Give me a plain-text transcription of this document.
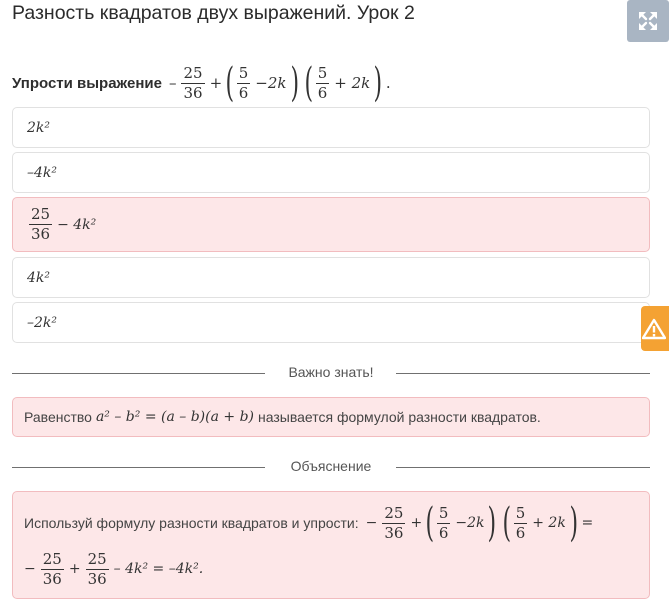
Разность квадратов двух выражений. Урок 2
Упрости выражение – $\frac{25}{36}$ + ( $\frac{5}{6} -2k$ ) ( $\frac{5}{6} + 2k$ ) .
2k²
–4k²
$\frac{25}{36} - 4k^2$
4k²
–2k²
Важно знать!
Равенство a² – b² = (a – b)(a + b) называется формулой разности квадратов.
Объяснение
Используй формулу разности квадратов и упрости: − $\frac{25}{36}$ + ( $\frac{5}{6} -2k$ ) ( $\frac{5}{6} + 2k$ ) =
− $\frac{25}{36} + \frac{25}{36} - 4k^2 = -4k^2$.
